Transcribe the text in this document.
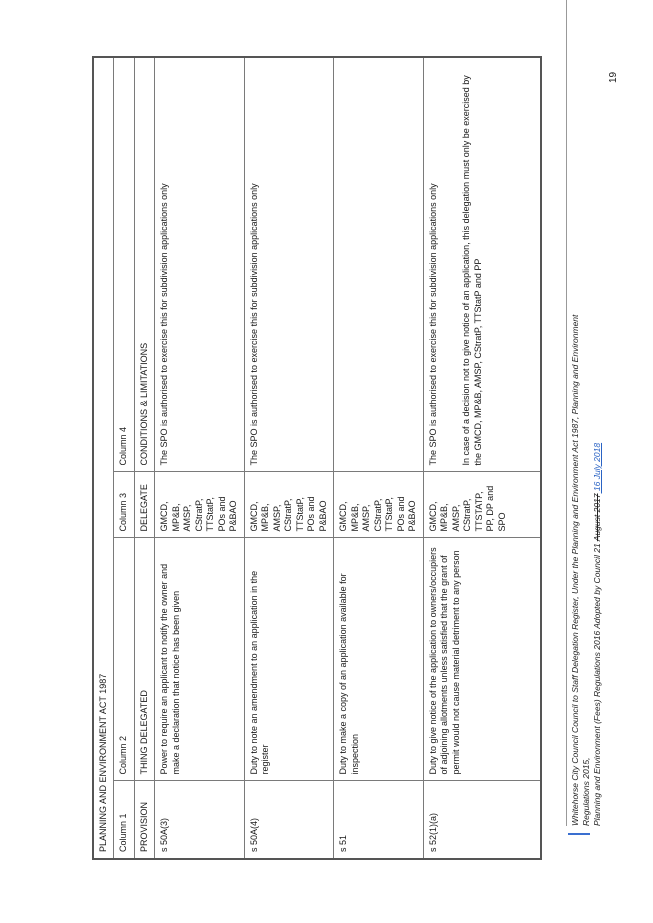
PLANNING AND ENVIRONMENT ACT 1987			
Column 1	Column 2	Column 3	Column 4
PROVISION	THING DELEGATED	DELEGATE	CONDITIONS & LIMITATIONS
s 50A(3)	Power to require an applicant to notify the owner and make a declaration that notice has been given	GMCD, MP&B, AMSP, CStratP, TTStatP, POs and P&BAO	The SPO is authorised to exercise this for subdivision applications only
s 50A(4)	Duty to note an amendment to an application in the register	GMCD, MP&B, AMSP, CStratP, TTStatP, POs and P&BAO	The SPO is authorised to exercise this for subdivision applications only
s 51	Duty to make a copy of an application available for inspection	GMCD, MP&B, AMSP, CStratP, TTStatP, POs and P&BAO	
s 52(1)(a)	Duty to give notice of the application to owners/occupiers of adjoining allotments unless satisfied that the grant of permit would not cause material detriment to any person	GMCD, MP&B, AMSP, CStratP, TTSTATP, PP, DP and SPO	The SPO is authorised to exercise this for subdivision applications only In case of a decision not to give notice of an application, this delegation must only be exercised by the GMCD, MP&B, AMSP, CStratP, TTStatP and PP	Whitehorse City Council Council to Staff Delegation Register, Under the Planning and Environment Act 1987, Planning and Environment Regulations 2015, Planning and Environment (Fees) Regulations 2016 Adopted by Council 21 August 2017 16 July 2018
19
